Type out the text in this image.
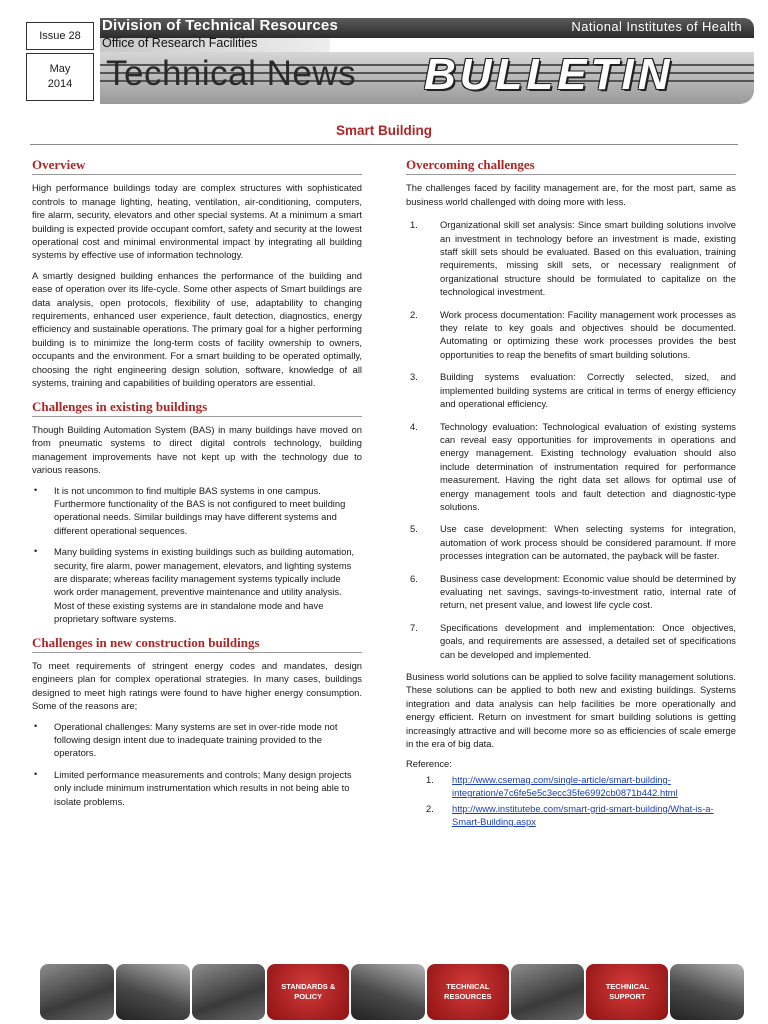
Issue 28
May
2014
Division of Technical Resources	National Institutes of Health
Office of Research Facilities
Technical News BULLETIN
Smart Building
Overview

High performance buildings today are complex structures with sophisticated controls to manage lighting, heating, ventilation, air-conditioning, computers, fire alarm, security, elevators and other special systems. At a minimum a smart building is expected provide occupant comfort, safety and security at the lowest operational cost and minimal environmental impact by integrating all building systems by effective use of information technology.

A smartly designed building enhances the performance of the building and ease of operation over its life-cycle. Some other aspects of Smart buildings are data analysis, open protocols, flexibility of use, adaptability to changing requirements, enhanced user experience, fault detection, diagnostics, energy efficiency and sustainable operations. The primary goal for a higher performing building is to minimize the long-term costs of facility ownership to owners, occupants and the environment. For a smart building to be operated optimally, choosing the right engineering design solution, software, knowledge of all systems, training and capabilities of building operators are essential.

Challenges in existing buildings

Though Building Automation System (BAS) in many buildings have moved on from pneumatic systems to direct digital controls technology, building management improvements have not kept up with the technology due to various reasons.

• It is not uncommon to find multiple BAS systems in one campus. Furthermore functionality of the BAS is not configured to meet building operational needs. Similar buildings may have different systems and different operational sequences.
• Many building systems in existing buildings such as building automation, security, fire alarm, power management, elevators, and lighting systems are disparate; whereas facility management systems typically include work order management, preventive maintenance and utility analysis. Most of these existing systems are in standalone mode and have proprietary software systems.
Challenges in new construction buildings

To meet requirements of stringent energy codes and mandates, design engineers plan for complex operational strategies. In many cases, buildings designed to meet high ratings were found to have higher energy consumption. Some of the reasons are;

• Operational challenges: Many systems are set in over-ride mode not following design intent due to inadequate training provided to the operators.
• Limited performance measurements and controls; Many design projects only include minimum instrumentation which results in not being able to isolate problems.
Overcoming challenges

The challenges faced by facility management are, for the most part, same as business world challenged with doing more with less.

1.	Organizational skill set analysis: Since smart building solutions involve an investment in technology before an investment is made, existing staff skill sets should be evaluated. Based on this evaluation, training requirements, missing skill sets, or necessary realignment of organizational structure should be formulated to capitalize on the technological investment.
2.	Work process documentation: Facility management work processes as they relate to key goals and objectives should be documented. Automating or optimizing these work processes provides the best opportunities to reap the benefits of smart building solutions.
3.	Building systems evaluation: Correctly selected, sized, and implemented building systems are critical in terms of energy efficiency and operational efficiency.
4.	Technology evaluation: Technological evaluation of existing systems can reveal easy opportunities for improvements in operations and energy management. Existing technology evaluation should also include determination of instrumentation required for performance measurement. Having the right data set allows for optimal use of energy management tools and fault detection and diagnostic-type solutions.
5.	Use case development: When selecting systems for integration, automation of work process should be considered paramount. If more processes integration can be automated, the payback will be faster.
6.	Business case development: Economic value should be determined by evaluating net savings, savings-to-investment ratio, internal rate of return, net present value, and lowest life cycle cost.
7.	Specifications development and implementation: Once objectives, goals, and requirements are assessed, a detailed set of specifications can be developed and implemented.

Business world solutions can be applied to solve facility management solutions. These solutions can be applied to both new and existing buildings. Systems integration and data analysis can help facilities be more operationally and energy efficient. Return on investment for smart building solutions is getting increasingly attractive and will become more so as efficiencies of scale emerge in the era of big data.

Reference:
1.	http://www.csemag.com/single-article/smart-building-integration/e7c6fe5e5c3ecc35fe6992cb0871b442.html
2.	http://www.institutebe.com/smart-grid-smart-building/What-is-a-Smart-Building.aspx
STANDARDS & POLICY
TECHNICAL RESOURCES
TECHNICAL SUPPORT
